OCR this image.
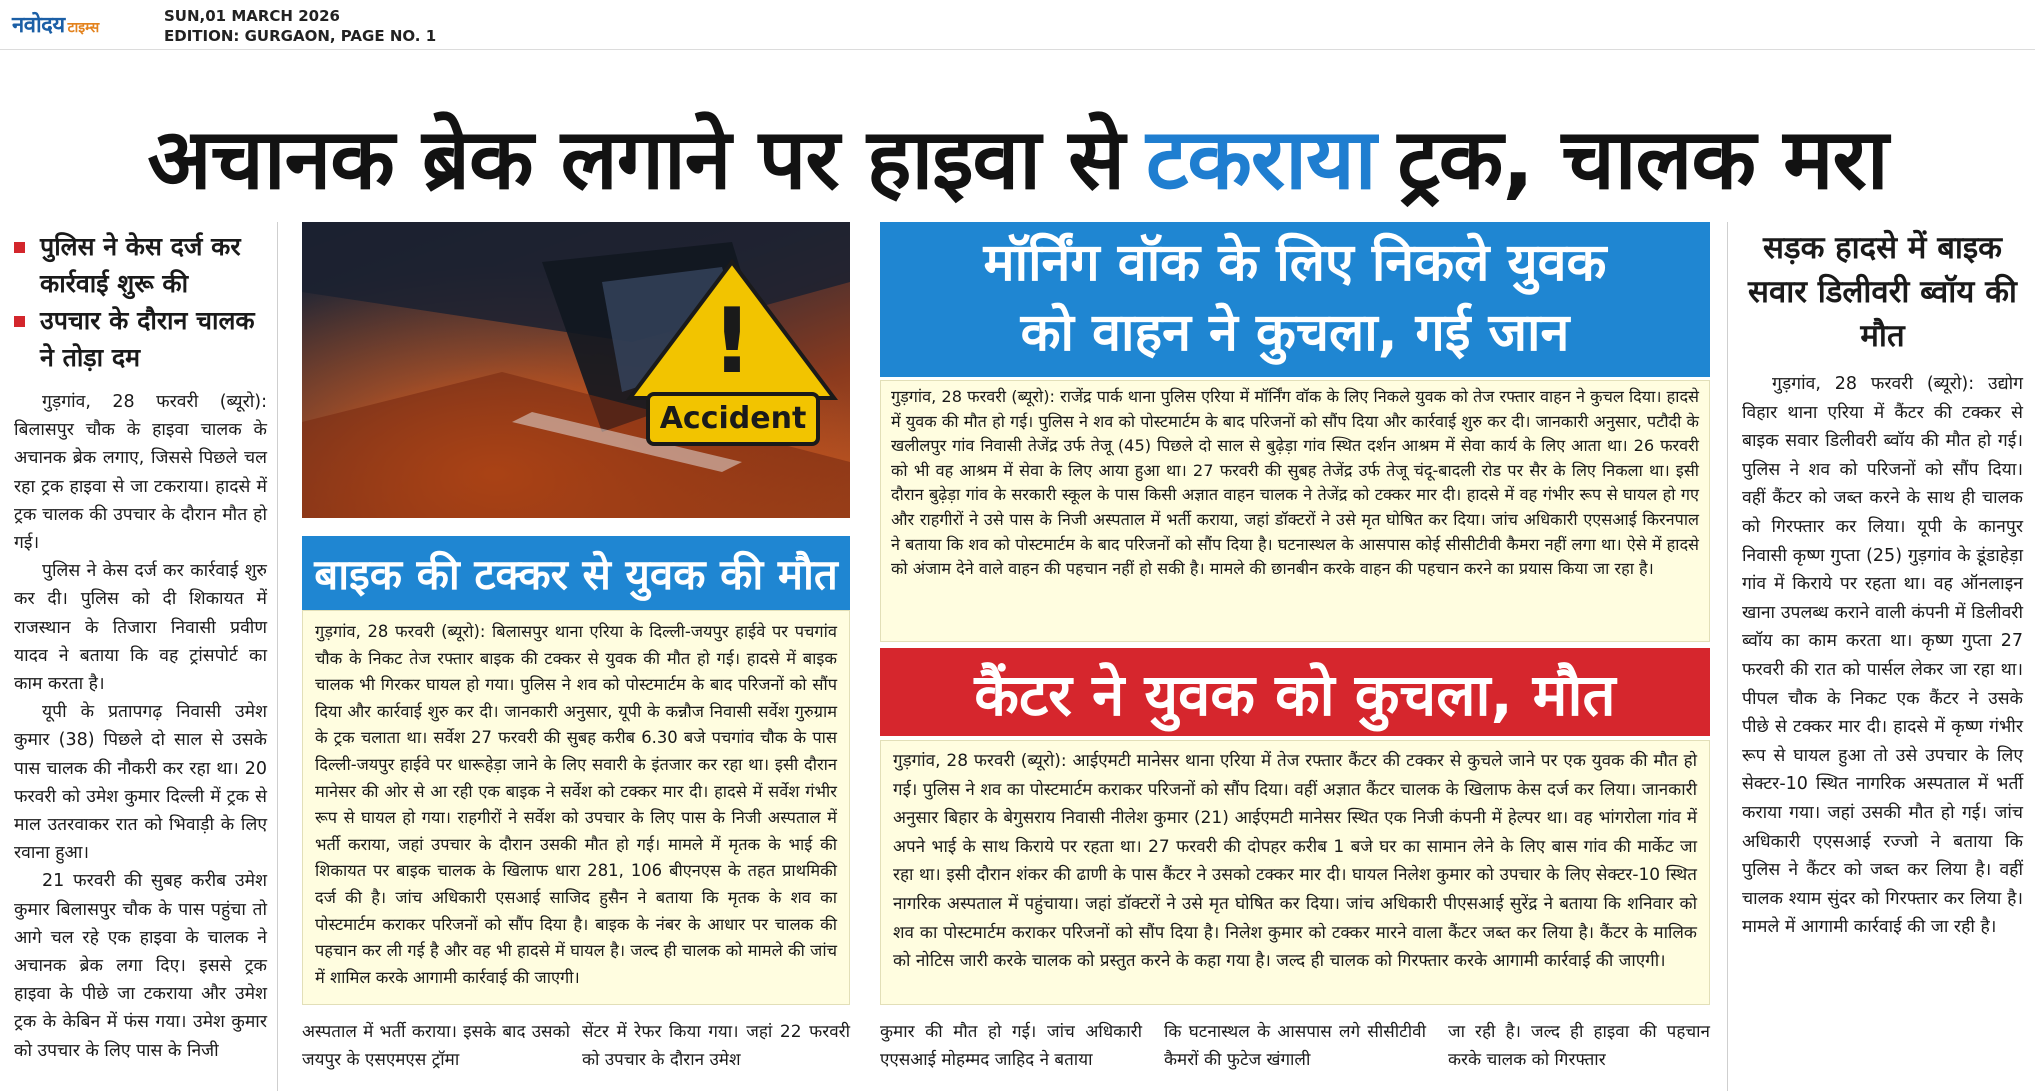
नवोदय टाइम्स
SUN,01 MARCH 2026
EDITION: GURGAON, PAGE NO. 1
अचानक ब्रेक लगाने पर हाइवा से टकराया ट्रक, चालक मरा
पुलिस ने केस दर्ज कर कार्रवाई शुरू की
उपचार के दौरान चालक ने तोड़ा दम

गुड़गांव, 28 फरवरी (ब्यूरो): बिलासपुर चौक के हाइवा चालक के अचानक ब्रेक लगाए, जिससे पिछले चल रहा ट्रक हाइवा से जा टकराया। हादसे में ट्रक चालक की उपचार के दौरान मौत हो गई।

पुलिस ने केस दर्ज कर कार्रवाई शुरु कर दी। पुलिस को दी शिकायत में राजस्थान के तिजारा निवासी प्रवीण यादव ने बताया कि वह ट्रांसपोर्ट का काम करता है।

यूपी के प्रतापगढ़ निवासी उमेश कुमार (38) पिछले दो साल से उसके पास चालक की नौकरी कर रहा था। 20 फरवरी को उमेश कुमार दिल्ली में ट्रक से माल उतरवाकर रात को भिवाड़ी के लिए रवाना हुआ।

21 फरवरी की सुबह करीब उमेश कुमार बिलासपुर चौक के पास पहुंचा तो आगे चल रहे एक हाइवा के चालक ने अचानक ब्रेक लगा दिए। इससे ट्रक हाइवा के पीछे जा टकराया और उमेश ट्रक के केबिन में फंस गया। उमेश कुमार को उपचार के लिए पास के निजी

!
Accident
बाइक की टक्कर से युवक की मौत

गुड़गांव, 28 फरवरी (ब्यूरो): बिलासपुर थाना एरिया के दिल्ली-जयपुर हाईवे पर पचगांव चौक के निकट तेज रफ्तार बाइक की टक्कर से युवक की मौत हो गई। हादसे में बाइक चालक भी गिरकर घायल हो गया। पुलिस ने शव को पोस्टमार्टम के बाद परिजनों को सौंप दिया और कार्रवाई शुरु कर दी। जानकारी अनुसार, यूपी के कन्नौज निवासी सर्वेश गुरुग्राम के ट्रक चलाता था। सर्वेश 27 फरवरी की सुबह करीब 6.30 बजे पचगांव चौक के पास दिल्ली-जयपुर हाईवे पर धारूहेड़ा जाने के लिए सवारी के इंतजार कर रहा था। इसी दौरान मानेसर की ओर से आ रही एक बाइक ने सर्वेश को टक्कर मार दी। हादसे में सर्वेश गंभीर रूप से घायल हो गया। राहगीरों ने सर्वेश को उपचार के लिए पास के निजी अस्पताल में भर्ती कराया, जहां उपचार के दौरान उसकी मौत हो गई। मामले में मृतक के भाई की शिकायत पर बाइक चालक के खिलाफ धारा 281, 106 बीएनएस के तहत प्राथमिकी दर्ज की है। जांच अधिकारी एसआई साजिद हुसैन ने बताया कि मृतक के शव का पोस्टमार्टम कराकर परिजनों को सौंप दिया है। बाइक के नंबर के आधार पर चालक की पहचान कर ली गई है और वह भी हादसे में घायल है। जल्द ही चालक को मामले की जांच में शामिल करके आगामी कार्रवाई की जाएगी।

अस्पताल में भर्ती कराया। इसके बाद उसको जयपुर के एसएमएस ट्रॉमा
सेंटर में रेफर किया गया। जहां 22 फरवरी को उपचार के दौरान उमेश
कुमार की मौत हो गई। जांच अधिकारी एएसआई मोहम्मद जाहिद ने बताया
कि घटनास्थल के आसपास लगे सीसीटीवी कैमरों की फुटेज खंगाली
जा रही है। जल्द ही हाइवा की पहचान करके चालक को गिरफ्तार
मॉर्निंग वॉक के लिए निकले युवक
को वाहन ने कुचला, गई जान

गुड़गांव, 28 फरवरी (ब्यूरो): राजेंद्र पार्क थाना पुलिस एरिया में मॉर्निंग वॉक के लिए निकले युवक को तेज रफ्तार वाहन ने कुचल दिया। हादसे में युवक की मौत हो गई। पुलिस ने शव को पोस्टमार्टम के बाद परिजनों को सौंप दिया और कार्रवाई शुरु कर दी। जानकारी अनुसार, पटौदी के खलीलपुर गांव निवासी तेजेंद्र उर्फ तेजू (45) पिछले दो साल से बुढ़ेड़ा गांव स्थित दर्शन आश्रम में सेवा कार्य के लिए आता था। 26 फरवरी को भी वह आश्रम में सेवा के लिए आया हुआ था। 27 फरवरी की सुबह तेजेंद्र उर्फ तेजू चंदू-बादली रोड पर सैर के लिए निकला था। इसी दौरान बुढ़ेड़ा गांव के सरकारी स्कूल के पास किसी अज्ञात वाहन चालक ने तेजेंद्र को टक्कर मार दी। हादसे में वह गंभीर रूप से घायल हो गए और राहगीरों ने उसे पास के निजी अस्पताल में भर्ती कराया, जहां डॉक्टरों ने उसे मृत घोषित कर दिया। जांच अधिकारी एएसआई किरनपाल ने बताया कि शव को पोस्टमार्टम के बाद परिजनों को सौंप दिया है। घटनास्थल के आसपास कोई सीसीटीवी कैमरा नहीं लगा था। ऐसे में हादसे को अंजाम देने वाले वाहन की पहचान नहीं हो सकी है। मामले की छानबीन करके वाहन की पहचान करने का प्रयास किया जा रहा है।

कैंटर ने युवक को कुचला, मौत

गुड़गांव, 28 फरवरी (ब्यूरो): आईएमटी मानेसर थाना एरिया में तेज रफ्तार कैंटर की टक्कर से कुचले जाने पर एक युवक की मौत हो गई। पुलिस ने शव का पोस्टमार्टम कराकर परिजनों को सौंप दिया। वहीं अज्ञात कैंटर चालक के खिलाफ केस दर्ज कर लिया। जानकारी अनुसार बिहार के बेगुसराय निवासी नीलेश कुमार (21) आईएमटी मानेसर स्थित एक निजी कंपनी में हेल्पर था। वह भांगरोला गांव में अपने भाई के साथ किराये पर रहता था। 27 फरवरी की दोपहर करीब 1 बजे घर का सामान लेने के लिए बास गांव की मार्केट जा रहा था। इसी दौरान शंकर की ढाणी के पास कैंटर ने उसको टक्कर मार दी। घायल निलेश कुमार को उपचार के लिए सेक्टर-10 स्थित नागरिक अस्पताल में पहुंचाया। जहां डॉक्टरों ने उसे मृत घोषित कर दिया। जांच अधिकारी पीएसआई सुरेंद्र ने बताया कि शनिवार को शव का पोस्टमार्टम कराकर परिजनों को सौंप दिया है। निलेश कुमार को टक्कर मारने वाला कैंटर जब्त कर लिया है। कैंटर के मालिक को नोटिस जारी करके चालक को प्रस्तुत करने के कहा गया है। जल्द ही चालक को गिरफ्तार करके आगामी कार्रवाई की जाएगी।

सड़क हादसे में बाइक सवार डिलीवरी ब्वॉय की मौत

गुड़गांव, 28 फरवरी (ब्यूरो): उद्योग विहार थाना एरिया में कैंटर की टक्कर से बाइक सवार डिलीवरी ब्वॉय की मौत हो गई। पुलिस ने शव को परिजनों को सौंप दिया। वहीं कैंटर को जब्त करने के साथ ही चालक को गिरफ्तार कर लिया। यूपी के कानपुर निवासी कृष्ण गुप्ता (25) गुड़गांव के डूंडाहेड़ा गांव में किराये पर रहता था। वह ऑनलाइन खाना उपलब्ध कराने वाली कंपनी में डिलीवरी ब्वॉय का काम करता था। कृष्ण गुप्ता 27 फरवरी की रात को पार्सल लेकर जा रहा था। पीपल चौक के निकट एक कैंटर ने उसके पीछे से टक्कर मार दी। हादसे में कृष्ण गंभीर रूप से घायल हुआ तो उसे उपचार के लिए सेक्टर-10 स्थित नागरिक अस्पताल में भर्ती कराया गया। जहां उसकी मौत हो गई। जांच अधिकारी एएसआई रज्जो ने बताया कि पुलिस ने कैंटर को जब्त कर लिया है। वहीं चालक श्याम सुंदर को गिरफ्तार कर लिया है। मामले में आगामी कार्रवाई की जा रही है।
